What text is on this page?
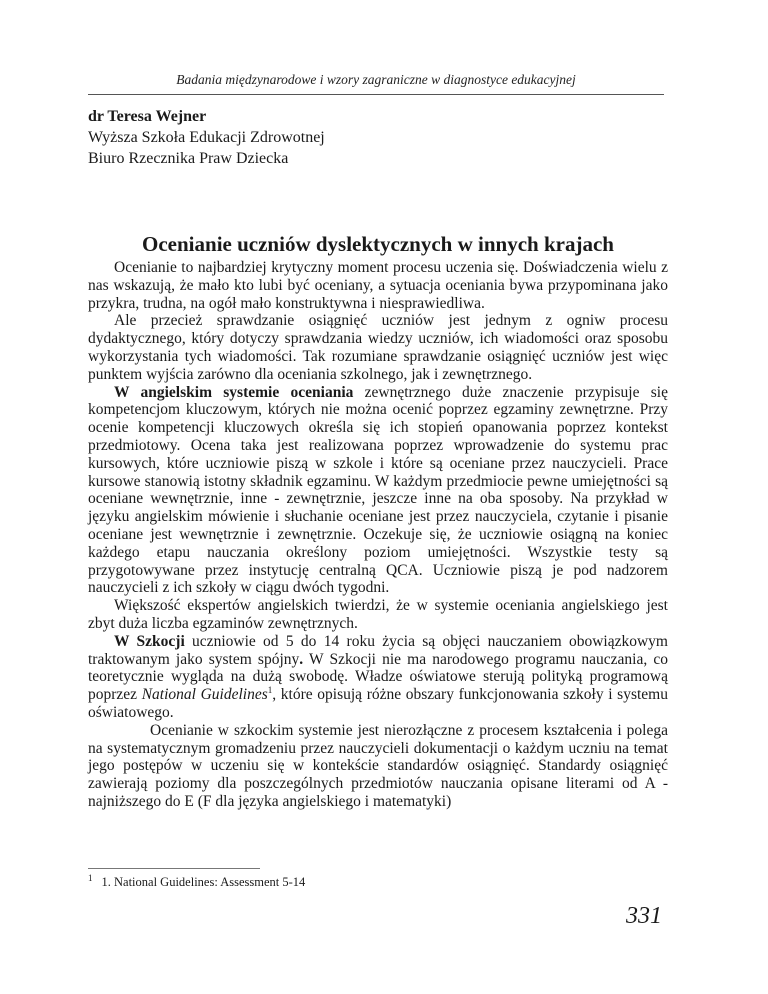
Badania międzynarodowe i wzory zagraniczne w diagnostyce edukacyjnej
dr Teresa Wejner
Wyższa Szkoła Edukacji Zdrowotnej
Biuro Rzecznika Praw Dziecka
Ocenianie uczniów dyslektycznych w innych krajach

Ocenianie to najbardziej krytyczny moment procesu uczenia się. Doświadczenia wielu z nas wskazują, że mało kto lubi być oceniany, a sytuacja oceniania bywa przypominana jako przykra, trudna, na ogół mało konstruktywna i niesprawiedliwa.

Ale przecież sprawdzanie osiągnięć uczniów jest jednym z ogniw procesu dydaktycznego, który dotyczy sprawdzania wiedzy uczniów, ich wiadomości oraz sposobu wykorzystania tych wiadomości. Tak rozumiane sprawdzanie osiągnięć uczniów jest więc punktem wyjścia zarówno dla oceniania szkolnego, jak i zewnętrznego.

W angielskim systemie oceniania zewnętrznego duże znaczenie przypisuje się kompetencjom kluczowym, których nie można ocenić poprzez egzaminy zewnętrzne. Przy ocenie kompetencji kluczowych określa się ich stopień opanowania poprzez kontekst przedmiotowy. Ocena taka jest realizowana poprzez wprowadzenie do systemu prac kursowych, które uczniowie piszą w szkole i które są oceniane przez nauczycieli. Prace kursowe stanowią istotny składnik egzaminu. W każdym przedmiocie pewne umiejętności są oceniane wewnętrznie, inne - zewnętrznie, jeszcze inne na oba sposoby. Na przykład w języku angielskim mówienie i słuchanie oceniane jest przez nauczyciela, czytanie i pisanie oceniane jest wewnętrznie i zewnętrznie. Oczekuje się, że uczniowie osiągną na koniec każdego etapu nauczania określony poziom umiejętności. Wszystkie testy są przygotowywane przez instytucję centralną QCA. Uczniowie piszą je pod nadzorem nauczycieli z ich szkoły w ciągu dwóch tygodni.

Większość ekspertów angielskich twierdzi, że w systemie oceniania angielskiego jest zbyt duża liczba egzaminów zewnętrznych.

W Szkocji uczniowie od 5 do 14 roku życia są objęci nauczaniem obowiązkowym traktowanym jako system spójny. W Szkocji nie ma narodowego programu nauczania, co teoretycznie wygląda na dużą swobodę. Władze oświatowe sterują polityką programową poprzez National Guidelines$^1$, które opisują różne obszary funkcjonowania szkoły i systemu oświatowego.

Ocenianie w szkockim systemie jest nierozłączne z procesem kształcenia i polega na systematycznym gromadzeniu przez nauczycieli dokumentacji o każdym uczniu na temat jego postępów w uczeniu się w kontekście standardów osiągnięć. Standardy osiągnięć zawierają poziomy dla poszczególnych przedmiotów nauczania opisane literami od A - najniższego do E (F dla języka angielskiego i matematyki)

$^1$ 1. National Guidelines: Assessment 5-14
331
